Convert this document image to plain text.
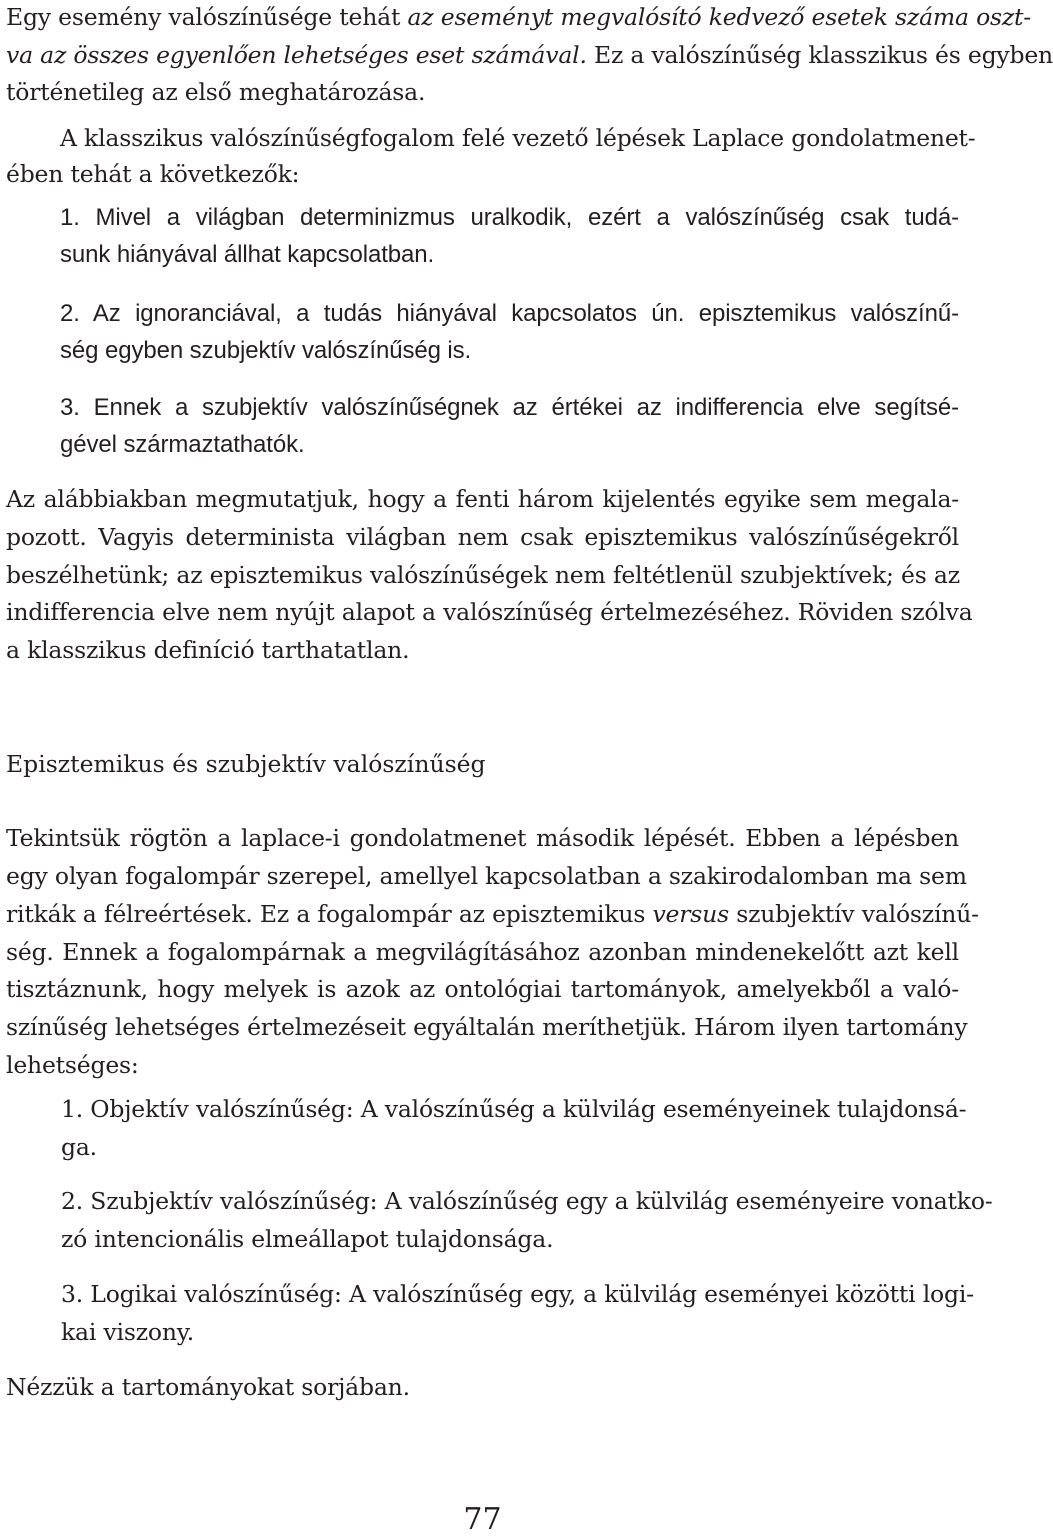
Egy esemény valószínűsége tehát az eseményt megvalósító kedvező esetek száma oszt-
va az összes egyenlően lehetséges eset számával. Ez a valószínűség klasszikus és egyben
történetileg az első meghatározása.
A klasszikus valószínűségfogalom felé vezető lépések Laplace gondolatmenet-
ében tehát a következők:
1. Mivel a világban determinizmus uralkodik, ezért a valószínűség csak tudá-
sunk hiányával állhat kapcsolatban.
2. Az ignoranciával, a tudás hiányával kapcsolatos ún. episztemikus valószínű-
ség egyben szubjektív valószínűség is.
3. Ennek a szubjektív valószínűségnek az értékei az indifferencia elve segítsé-
gével származtathatók.
Az alábbiakban megmutatjuk, hogy a fenti három kijelentés egyike sem megala-
pozott. Vagyis determinista világban nem csak episztemikus valószínűségekről
beszélhetünk; az episztemikus valószínűségek nem feltétlenül szubjektívek; és az
indifferencia elve nem nyújt alapot a valószínűség értelmezéséhez. Röviden szólva
a klasszikus definíció tarthatatlan.
Episztemikus és szubjektív valószínűség
Tekintsük rögtön a laplace-i gondolatmenet második lépését. Ebben a lépésben
egy olyan fogalompár szerepel, amellyel kapcsolatban a szakirodalomban ma sem
ritkák a félreértések. Ez a fogalompár az episztemikus versus szubjektív valószínű-
ség. Ennek a fogalompárnak a megvilágításához azonban mindenekelőtt azt kell
tisztáznunk, hogy melyek is azok az ontológiai tartományok, amelyekből a való-
színűség lehetséges értelmezéseit egyáltalán meríthetjük. Három ilyen tartomány
lehetséges:
1. Objektív valószínűség: A valószínűség a külvilág eseményeinek tulajdonsá-
ga.
2. Szubjektív valószínűség: A valószínűség egy a külvilág eseményeire vonatko-
zó intencionális elmeállapot tulajdonsága.
3. Logikai valószínűség: A valószínűség egy, a külvilág eseményei közötti logi-
kai viszony.
Nézzük a tartományokat sorjában.
77
